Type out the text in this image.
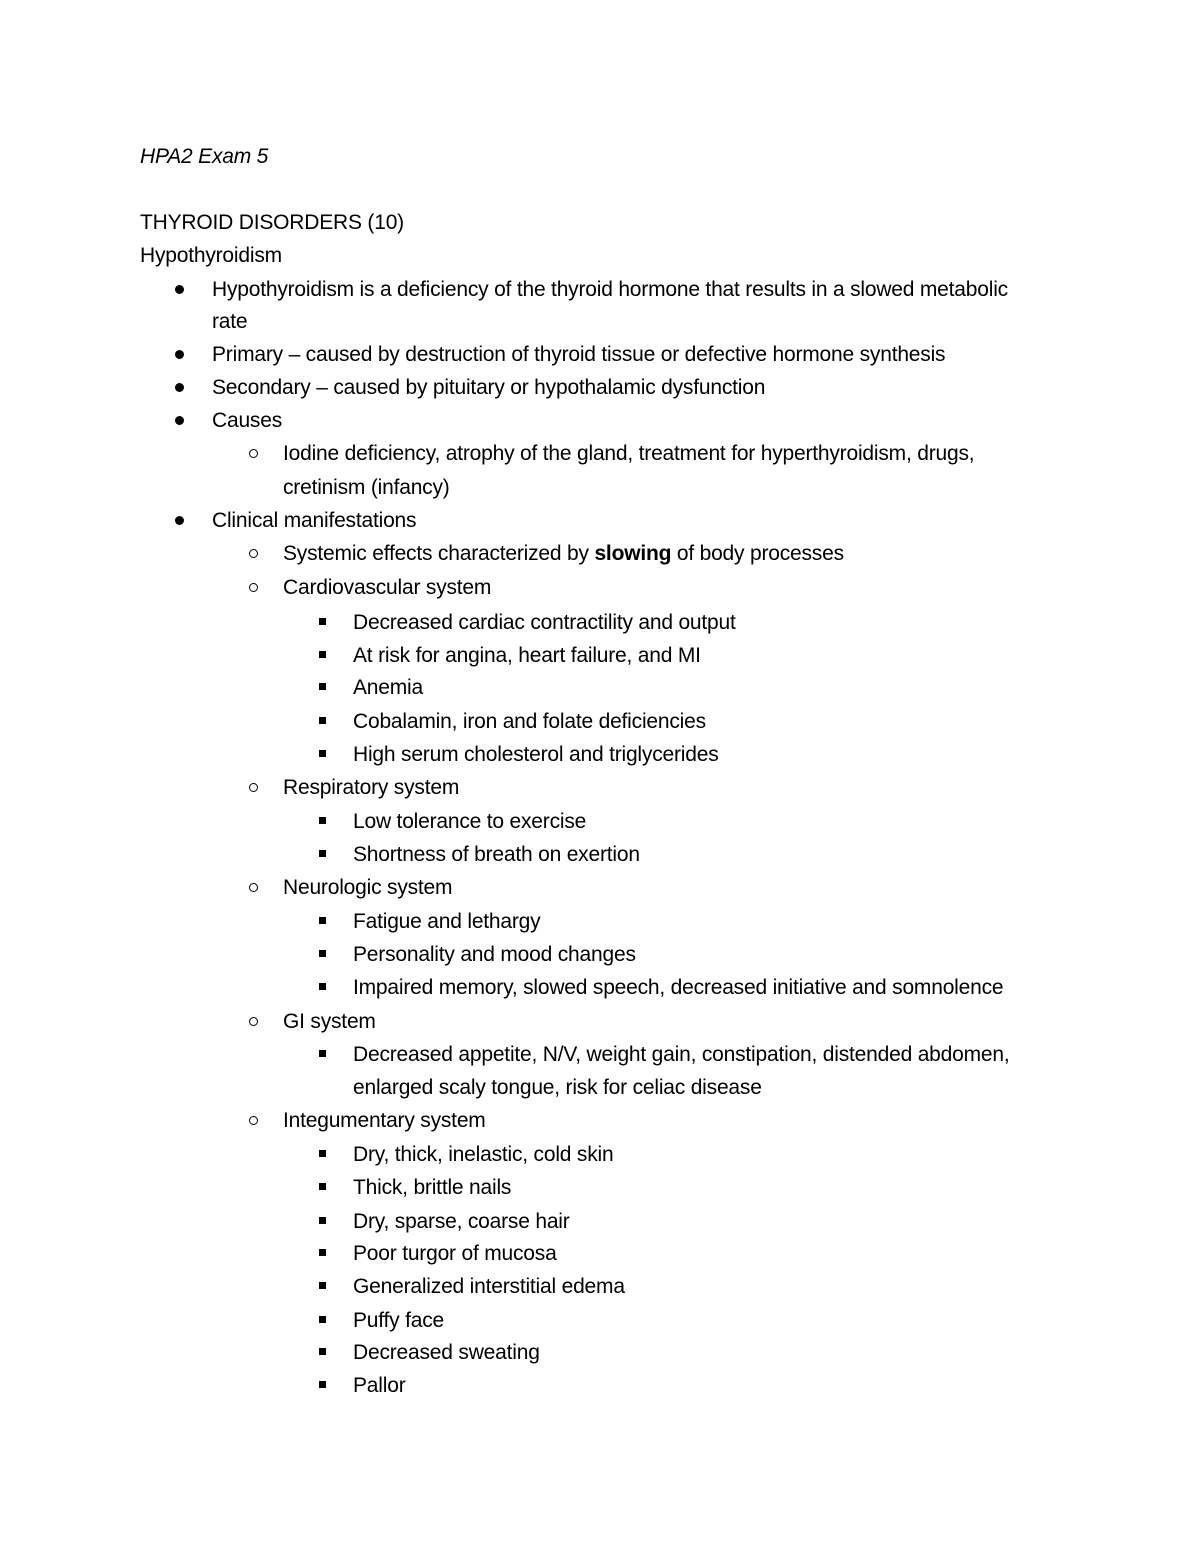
HPA2 Exam 5
THYROID DISORDERS (10)
Hypothyroidism
Hypothyroidism is a deficiency of the thyroid hormone that results in a slowed metabolic
rate
Primary – caused by destruction of thyroid tissue or defective hormone synthesis
Secondary – caused by pituitary or hypothalamic dysfunction
Causes
Iodine deficiency, atrophy of the gland, treatment for hyperthyroidism, drugs,
cretinism (infancy)
Clinical manifestations
Systemic effects characterized by slowing of body processes
Cardiovascular system
Decreased cardiac contractility and output
At risk for angina, heart failure, and MI
Anemia
Cobalamin, iron and folate deficiencies
High serum cholesterol and triglycerides
Respiratory system
Low tolerance to exercise
Shortness of breath on exertion
Neurologic system
Fatigue and lethargy
Personality and mood changes
Impaired memory, slowed speech, decreased initiative and somnolence
GI system
Decreased appetite, N/V, weight gain, constipation, distended abdomen,
enlarged scaly tongue, risk for celiac disease
Integumentary system
Dry, thick, inelastic, cold skin
Thick, brittle nails
Dry, sparse, coarse hair
Poor turgor of mucosa
Generalized interstitial edema
Puffy face
Decreased sweating
Pallor
